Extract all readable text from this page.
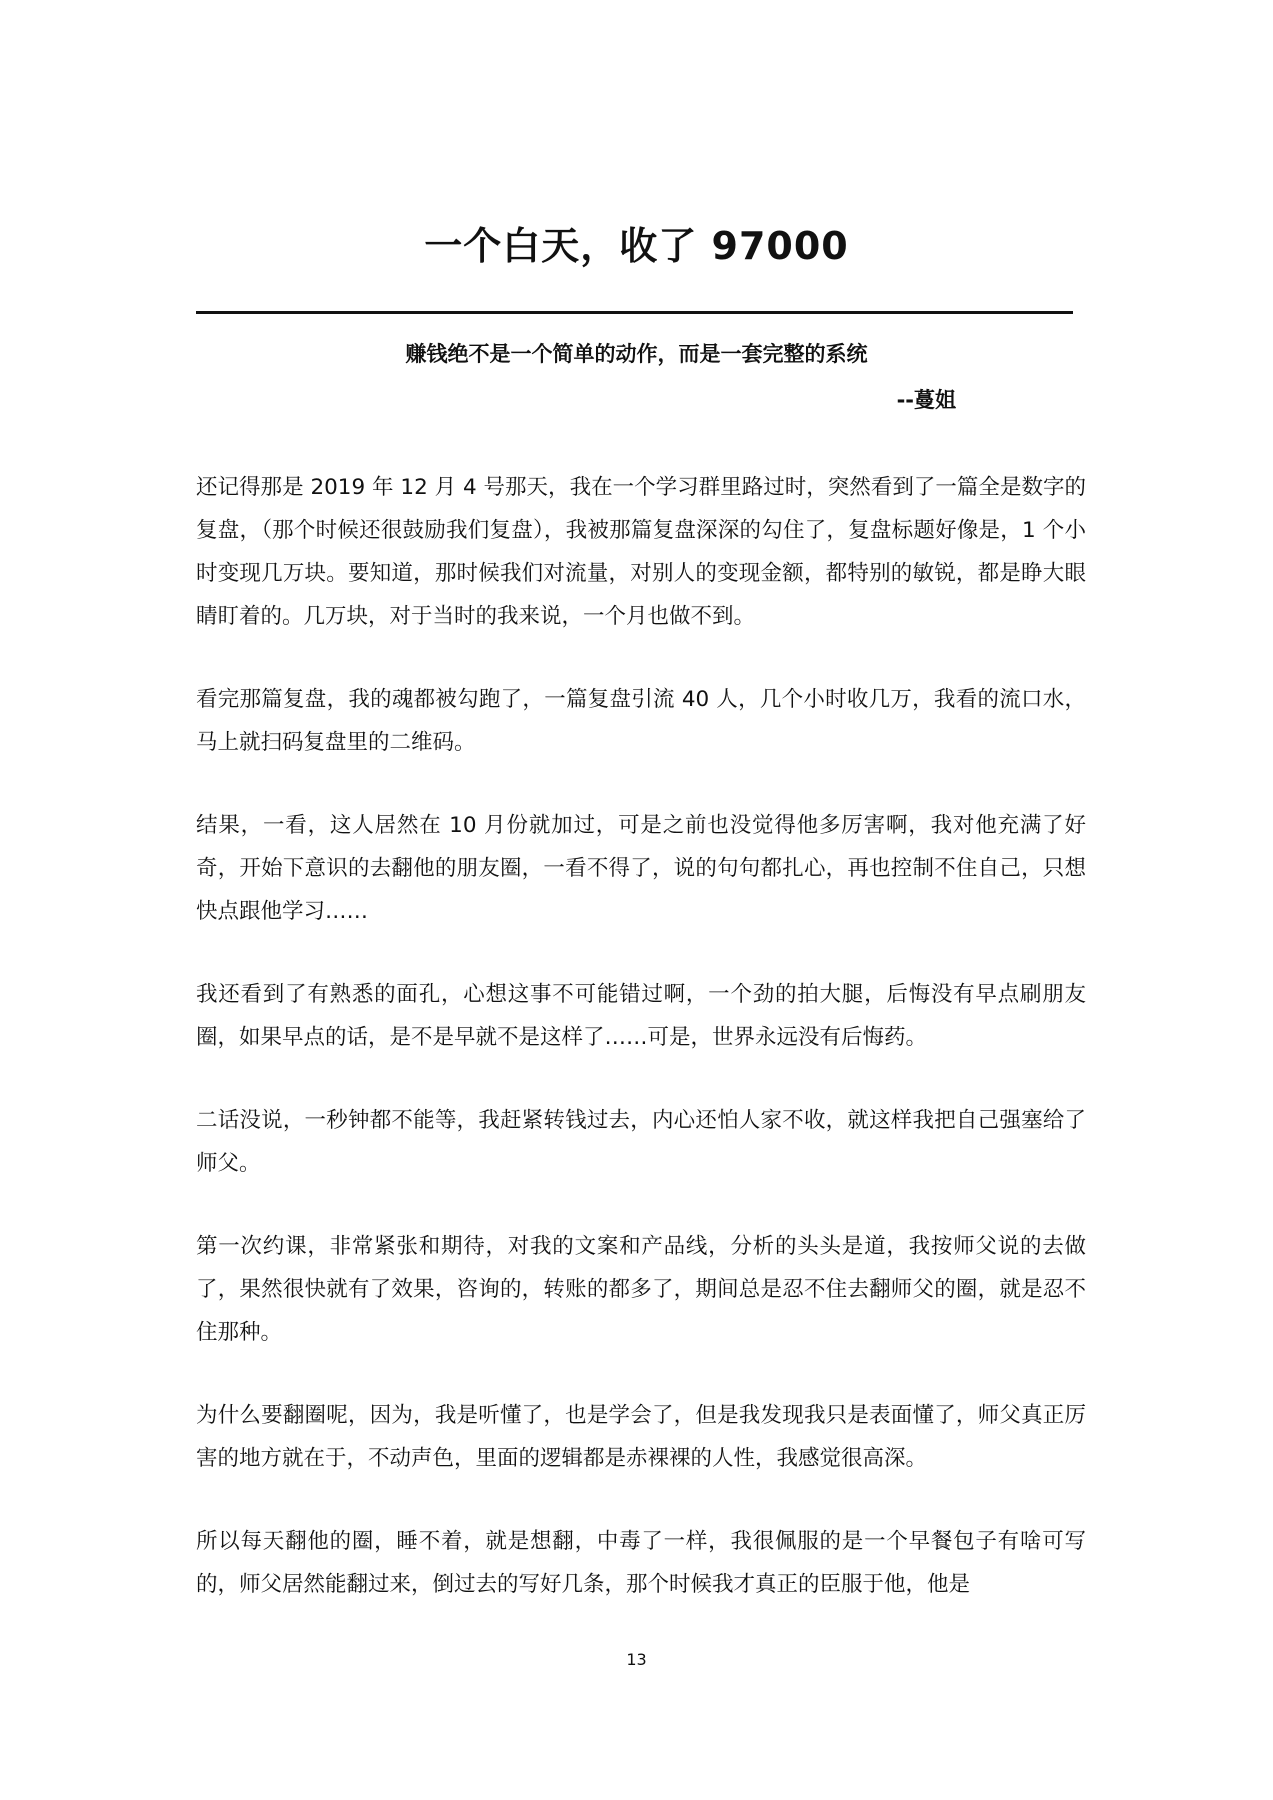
一个白天，收了 97000
赚钱绝不是一个简单的动作，而是一套完整的系统
--蔓姐

还记得那是 2019 年 12 月 4 号那天，我在一个学习群里路过时，突然看到了一篇全是数字的复盘，（那个时候还很鼓励我们复盘），我被那篇复盘深深的勾住了，复盘标题好像是，1 个小时变现几万块。要知道，那时候我们对流量，对别人的变现金额，都特别的敏锐，都是睁大眼睛盯着的。几万块，对于当时的我来说，一个月也做不到。

看完那篇复盘，我的魂都被勾跑了，一篇复盘引流 40 人，几个小时收几万，我看的流口水，马上就扫码复盘里的二维码。

结果，一看，这人居然在 10 月份就加过，可是之前也没觉得他多厉害啊，我对他充满了好奇，开始下意识的去翻他的朋友圈，一看不得了，说的句句都扎心，再也控制不住自己，只想快点跟他学习……

我还看到了有熟悉的面孔，心想这事不可能错过啊，一个劲的拍大腿，后悔没有早点刷朋友圈，如果早点的话，是不是早就不是这样了……可是，世界永远没有后悔药。

二话没说，一秒钟都不能等，我赶紧转钱过去，内心还怕人家不收，就这样我把自己强塞给了师父。

第一次约课，非常紧张和期待，对我的文案和产品线，分析的头头是道，我按师父说的去做了，果然很快就有了效果，咨询的，转账的都多了，期间总是忍不住去翻师父的圈，就是忍不住那种。

为什么要翻圈呢，因为，我是听懂了，也是学会了，但是我发现我只是表面懂了，师父真正厉害的地方就在于，不动声色，里面的逻辑都是赤裸裸的人性，我感觉很高深。

所以每天翻他的圈，睡不着，就是想翻，中毒了一样，我很佩服的是一个早餐包子有啥可写的，师父居然能翻过来，倒过去的写好几条，那个时候我才真正的臣服于他，他是

13
